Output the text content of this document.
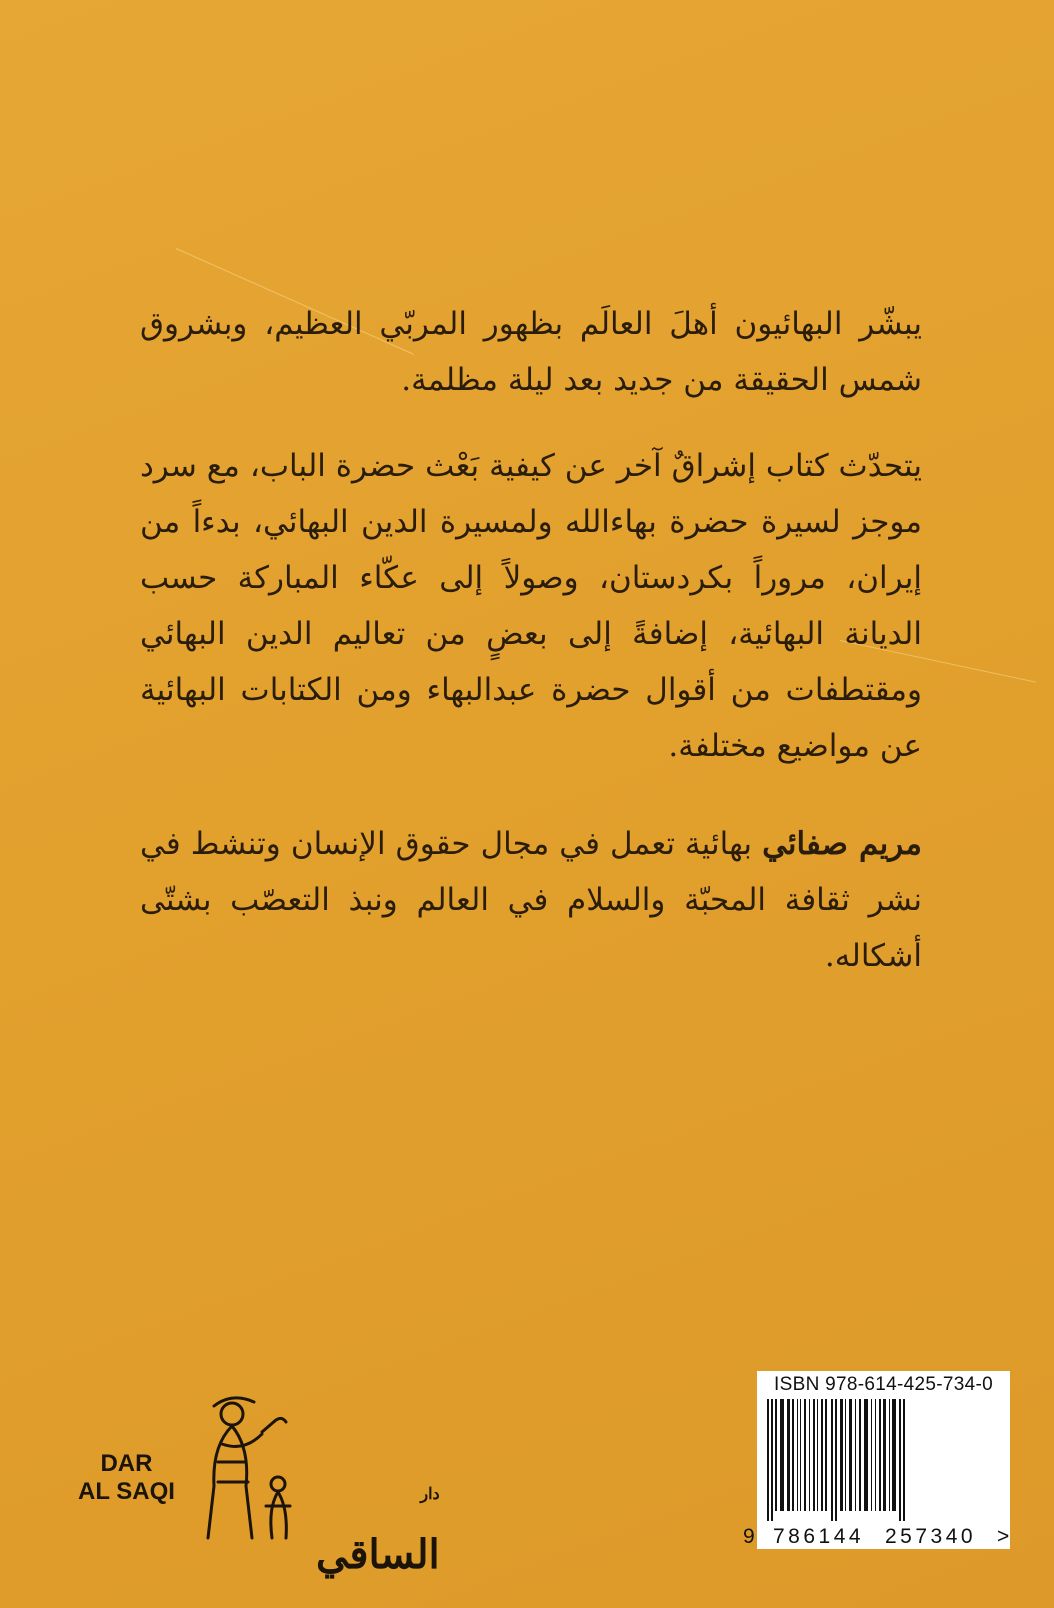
يبشّر البهائيون أهلَ العالَم بظهور المربّي العظيم، وبشروق شمس الحقيقة من جديد بعد ليلة مظلمة.

يتحدّث كتاب إشراقٌ آخر عن كيفية بَعْث حضرة الباب، مع سرد موجز لسيرة حضرة بهاءالله ولمسيرة الدين البهائي، بدءاً من إيران، مروراً بكردستان، وصولاً إلى عكّاء المباركة حسب الديانة البهائية، إضافةً إلى بعضٍ من تعاليم الدين البهائي ومقتطفات من أقوال حضرة عبدالبهاء ومن الكتابات البهائية عن مواضيع مختلفة.

مريم صفائي بهائية تعمل في مجال حقوق الإنسان وتنشط في نشر ثقافة المحبّة والسلام في العالم ونبذ التعصّب بشتّى أشكاله.

DAR
AL SAQI	$^{دار}$ الساقي
ISBN 978-614-425-734-0
9 786144 257340 >
